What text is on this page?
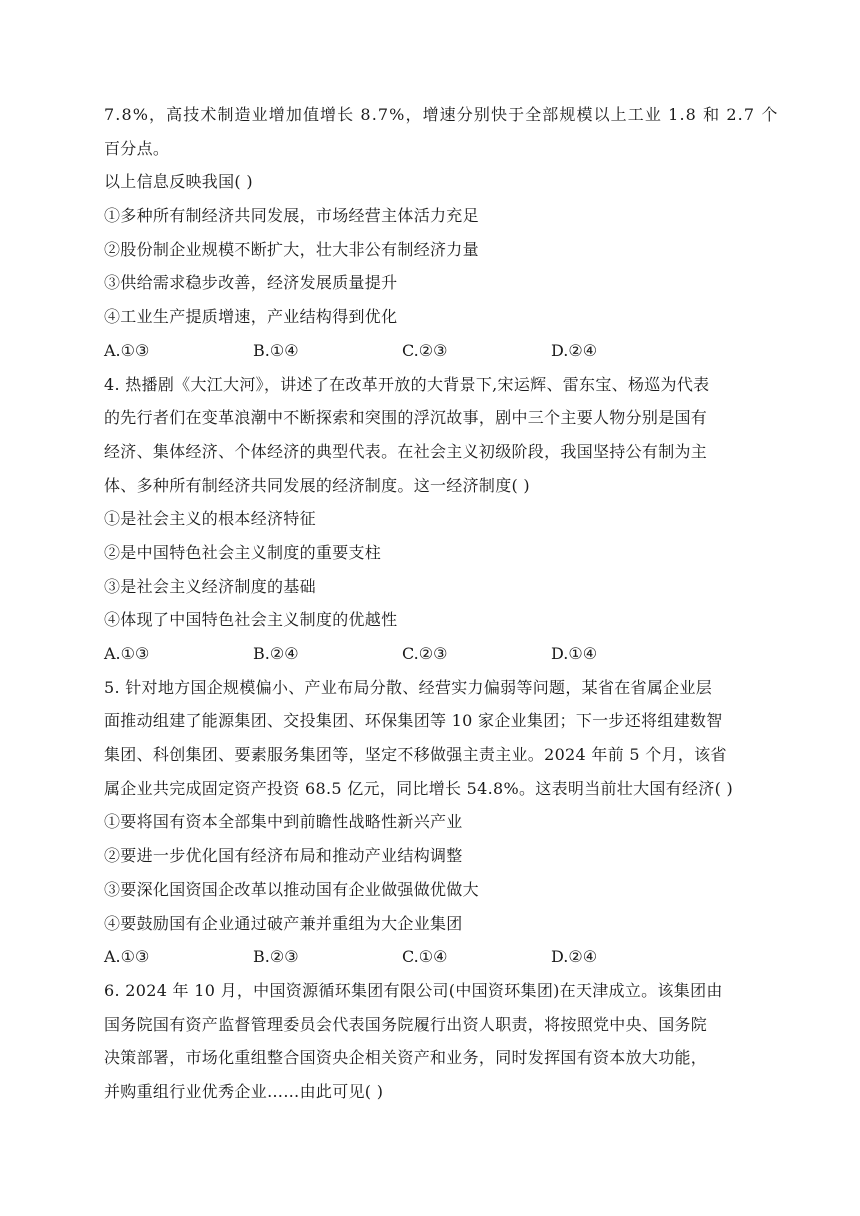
7.8%，高技术制造业增加值增长 8.7%，增速分别快于全部规模以上工业 1.8 和 2.7 个
百分点。
以上信息反映我国( )
①多种所有制经济共同发展，市场经营主体活力充足
②股份制企业规模不断扩大，壮大非公有制经济力量
③供给需求稳步改善，经济发展质量提升
④工业生产提质增速，产业结构得到优化
A.①③	B.①④	C.②③	D.②④
4. 热播剧《大江大河》，讲述了在改革开放的大背景下,宋运辉、雷东宝、杨巡为代表
的先行者们在变革浪潮中不断探索和突围的浮沉故事，剧中三个主要人物分别是国有
经济、集体经济、个体经济的典型代表。在社会主义初级阶段，我国坚持公有制为主
体、多种所有制经济共同发展的经济制度。这一经济制度( )
①是社会主义的根本经济特征
②是中国特色社会主义制度的重要支柱
③是社会主义经济制度的基础
④体现了中国特色社会主义制度的优越性
A.①③	B.②④	C.②③	D.①④
5. 针对地方国企规模偏小、产业布局分散、经营实力偏弱等问题，某省在省属企业层
面推动组建了能源集团、交投集团、环保集团等 10 家企业集团；下一步还将组建数智
集团、科创集团、要素服务集团等，坚定不移做强主责主业。2024 年前 5 个月，该省
属企业共完成固定资产投资 68.5 亿元，同比增长 54.8%。这表明当前壮大国有经济( )
①要将国有资本全部集中到前瞻性战略性新兴产业
②要进一步优化国有经济布局和推动产业结构调整
③要深化国资国企改革以推动国有企业做强做优做大
④要鼓励国有企业通过破产兼并重组为大企业集团
A.①③	B.②③	C.①④	D.②④
6. 2024 年 10 月，中国资源循环集团有限公司(中国资环集团)在天津成立。该集团由
国务院国有资产监督管理委员会代表国务院履行出资人职责，将按照党中央、国务院
决策部署，市场化重组整合国资央企相关资产和业务，同时发挥国有资本放大功能，
并购重组行业优秀企业……由此可见( )
